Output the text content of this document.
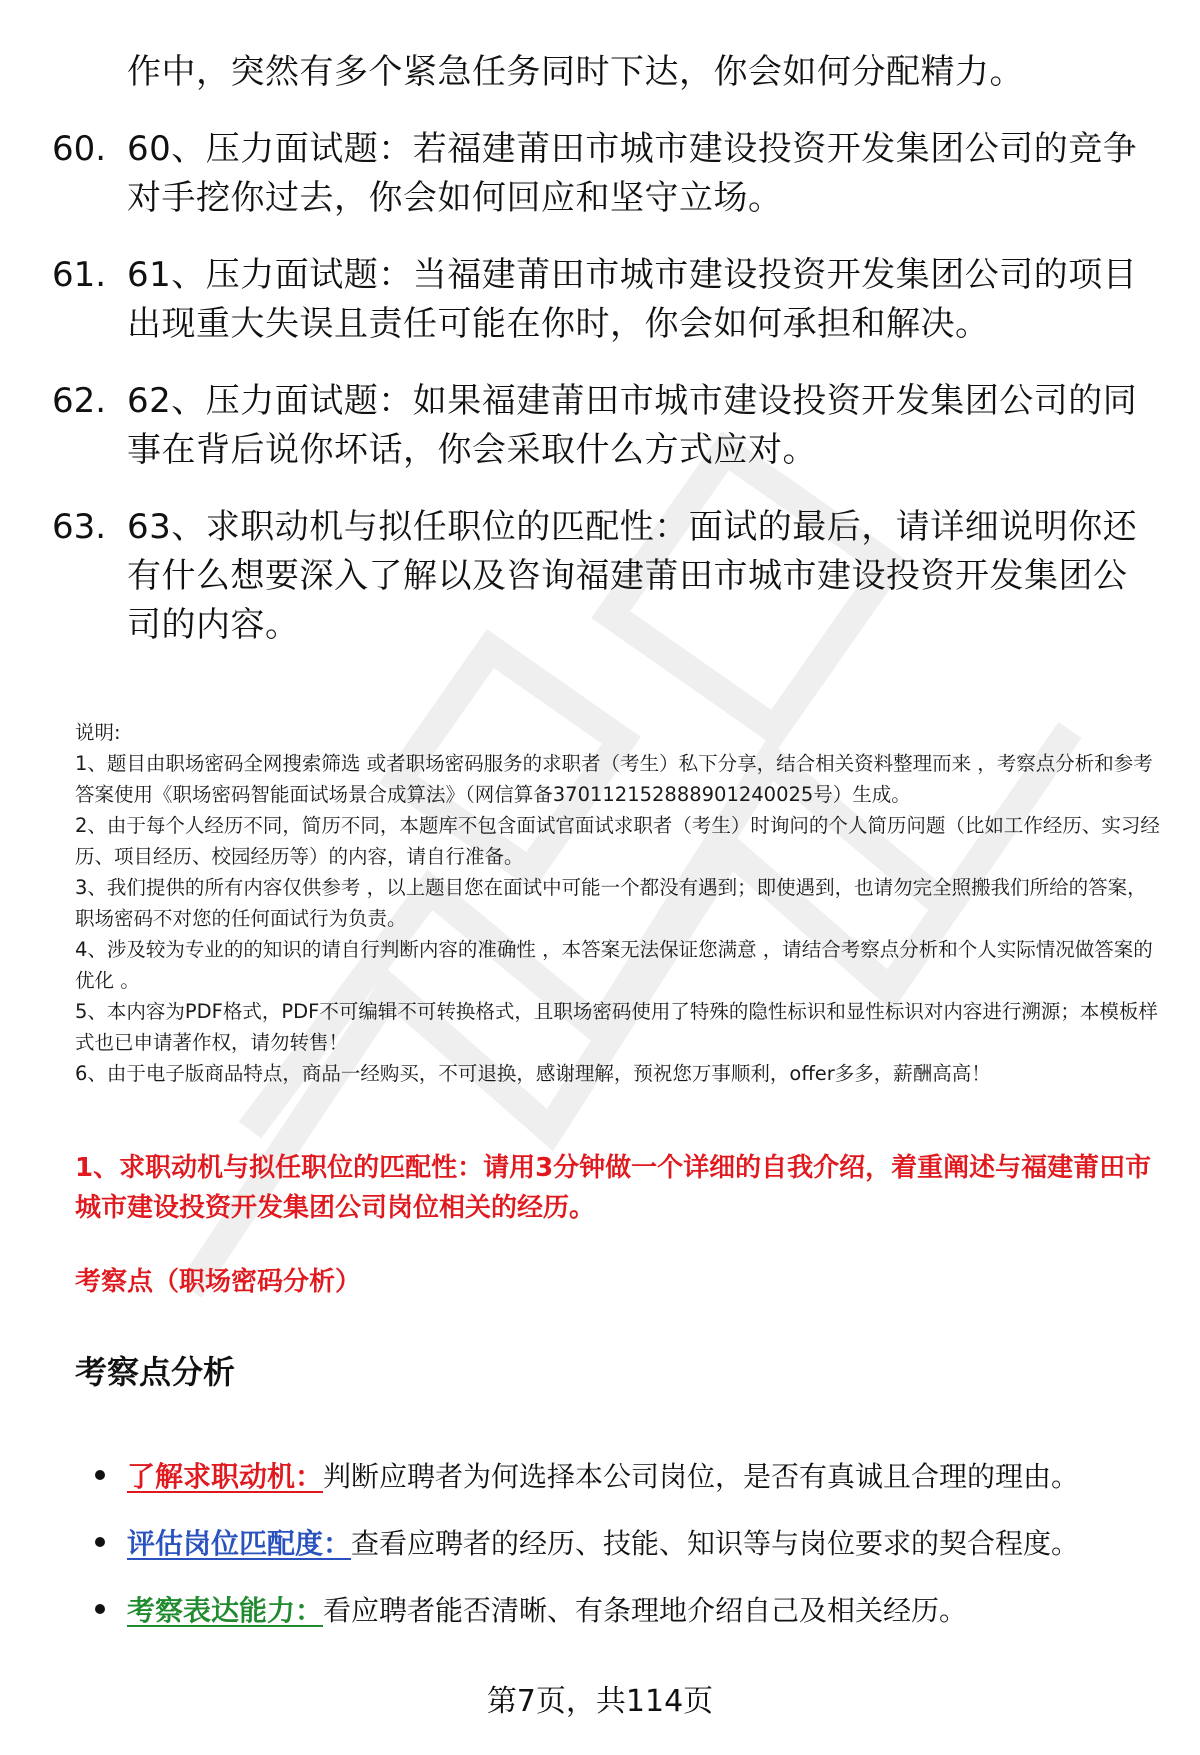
作中，突然有多个紧急任务同时下达，你会如何分配精力。
60. 60、压力面试题：若福建莆田市城市建设投资开发集团公司的竞争对手挖你过去，你会如何回应和坚守立场。
61. 61、压力面试题：当福建莆田市城市建设投资开发集团公司的项目出现重大失误且责任可能在你时，你会如何承担和解决。
62. 62、压力面试题：如果福建莆田市城市建设投资开发集团公司的同事在背后说你坏话，你会采取什么方式应对。
63. 63、求职动机与拟任职位的匹配性：面试的最后，请详细说明你还有什么想要深入了解以及咨询福建莆田市城市建设投资开发集团公司的内容。

说明:

1、题目由职场密码全网搜索筛选 或者职场密码服务的求职者（考生）私下分享，结合相关资料整理而来 ，考察点分析和参考答案使用《职场密码智能面试场景合成算法》（网信算备370112152888901240025号）生成。

2、由于每个人经历不同，简历不同，本题库不包含面试官面试求职者（考生）时询问的个人简历问题（比如工作经历、实习经历、项目经历、校园经历等）的内容，请自行准备。

3、我们提供的所有内容仅供参考 ，以上题目您在面试中可能一个都没有遇到；即使遇到，也请勿完全照搬我们所给的答案，职场密码不对您的任何面试行为负责。

4、涉及较为专业的的知识的请自行判断内容的准确性 ，本答案无法保证您满意 ，请结合考察点分析和个人实际情况做答案的优化 。

5、本内容为PDF格式，PDF不可编辑不可转换格式，且职场密码使用了特殊的隐性标识和显性标识对内容进行溯源；本模板样式也已申请著作权，请勿转售！

6、由于电子版商品特点，商品一经购买，不可退换，感谢理解，预祝您万事顺利，offer多多，薪酬高高！

1、求职动机与拟任职位的匹配性：请用3分钟做一个详细的自我介绍，着重阐述与福建莆田市城市建设投资开发集团公司岗位相关的经历。
考察点（职场密码分析）
考察点分析
了解求职动机： 判断应聘者为何选择本公司岗位，是否有真诚且合理的理由。
评估岗位匹配度： 查看应聘者的经历、技能、知识等与岗位要求的契合程度。
考察表达能力： 看应聘者能否清晰、有条理地介绍自己及相关经历。
第7页，共114页
